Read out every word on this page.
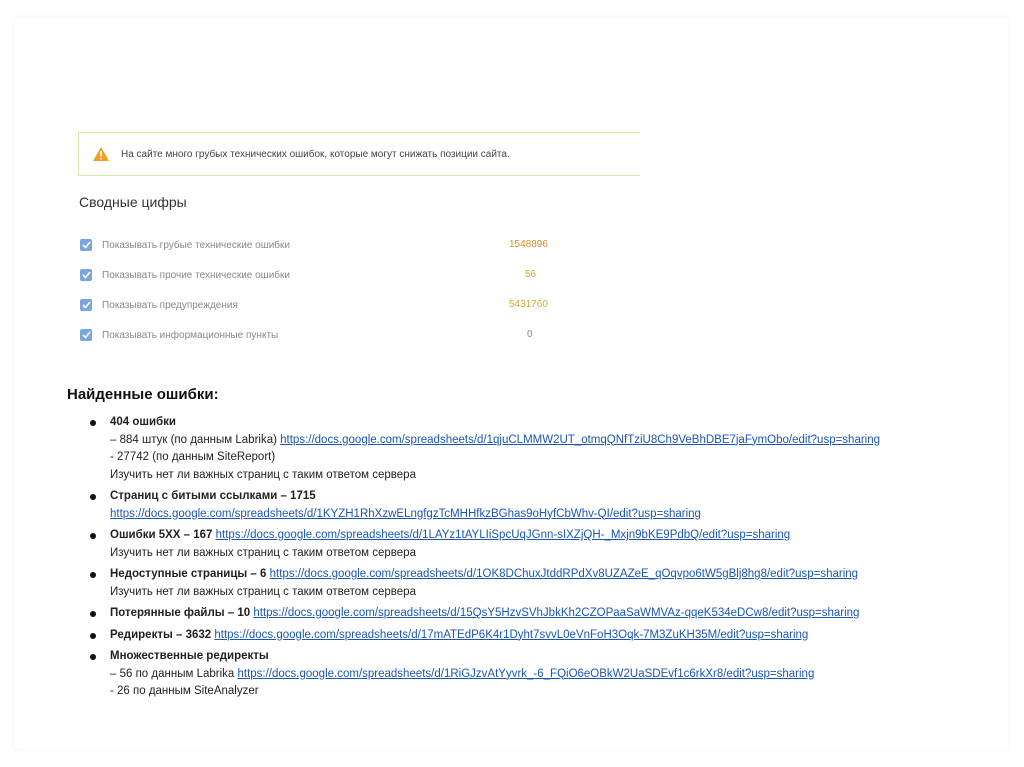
На сайте много грубых технических ошибок, которые могут снижать позиции сайта.
Сводные цифры
Показывать грубые технические ошибки	1548896
Показывать прочие технические ошибки	56
Показывать предупреждения	5431760
Показывать информационные пункты	0
Найденные ошибки:
404 ошибки
– 884 штук (по данным Labrika) https://docs.google.com/spreadsheets/d/1qjuCLMMW2UT_otmqQNfTziU8Ch9VeBhDBE7jaFymObo/edit?usp=sharing
- 27742 (по данным SiteReport)
Изучить нет ли важных страниц с таким ответом сервера
Страниц с битыми ссылками – 1715
https://docs.google.com/spreadsheets/d/1KYZH1RhXzwELngfgzTcMHHfkzBGhas9oHyfCbWhv-QI/edit?usp=sharing
Ошибки 5ХХ – 167 https://docs.google.com/spreadsheets/d/1LAYz1tAYLIiSpcUqJGnn-sIXZjQH-_Mxjn9bKE9PdbQ/edit?usp=sharing
Изучить нет ли важных страниц с таким ответом сервера
Недоступные страницы – 6 https://docs.google.com/spreadsheets/d/1OK8DChuxJtddRPdXv8UZAZeE_qOqvpo6tW5gBlj8hg8/edit?usp=sharing
Изучить нет ли важных страниц с таким ответом сервера
Потерянные файлы – 10 https://docs.google.com/spreadsheets/d/15QsY5HzvSVhJbkKh2CZOPaaSaWMVAz-qqeK534eDCw8/edit?usp=sharing
Редиректы – 3632 https://docs.google.com/spreadsheets/d/17mATEdP6K4r1Dyht7svvL0eVnFoH3Oqk-7M3ZuKH35M/edit?usp=sharing
Множественные редиректы
– 56 по данным Labrika https://docs.google.com/spreadsheets/d/1RiGJzvAtYyvrk_-6_FQiO6eOBkW2UaSDEvf1c6rkXr8/edit?usp=sharing
- 26 по данным SiteAnalyzer
